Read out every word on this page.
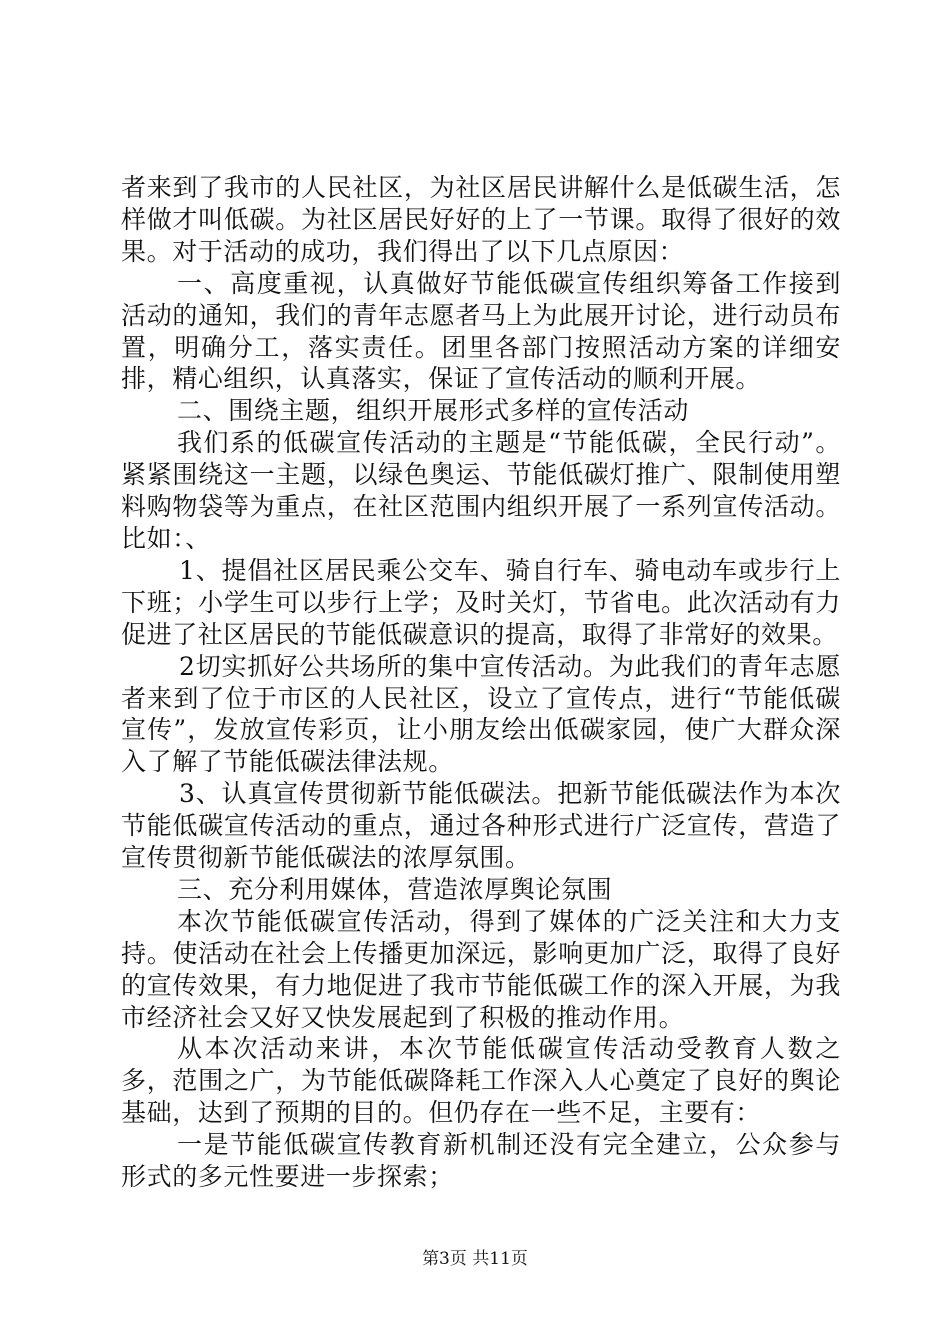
者来到了我市的人民社区，为社区居民讲解什么是低碳生活，怎样做才叫低碳。为社区居民好好的上了一节课。取得了很好的效果。对于活动的成功，我们得出了以下几点原因：

一、高度重视，认真做好节能低碳宣传组织筹备工作接到活动的通知，我们的青年志愿者马上为此展开讨论，进行动员布置，明确分工，落实责任。团里各部门按照活动方案的详细安排，精心组织，认真落实，保证了宣传活动的顺利开展。

二、围绕主题，组织开展形式多样的宣传活动

我们系的低碳宣传活动的主题是“节能低碳，全民行动”。紧紧围绕这一主题，以绿色奥运、节能低碳灯推广、限制使用塑料购物袋等为重点，在社区范围内组织开展了一系列宣传活动。比如：、

1、提倡社区居民乘公交车、骑自行车、骑电动车或步行上下班；小学生可以步行上学；及时关灯，节省电。此次活动有力促进了社区居民的节能低碳意识的提高，取得了非常好的效果。

2切实抓好公共场所的集中宣传活动。为此我们的青年志愿者来到了位于市区的人民社区，设立了宣传点，进行“节能低碳宣传”，发放宣传彩页，让小朋友绘出低碳家园，使广大群众深入了解了节能低碳法律法规。

3、认真宣传贯彻新节能低碳法。把新节能低碳法作为本次节能低碳宣传活动的重点，通过各种形式进行广泛宣传，营造了宣传贯彻新节能低碳法的浓厚氛围。

三、充分利用媒体，营造浓厚舆论氛围

本次节能低碳宣传活动，得到了媒体的广泛关注和大力支持。使活动在社会上传播更加深远，影响更加广泛，取得了良好的宣传效果，有力地促进了我市节能低碳工作的深入开展，为我市经济社会又好又快发展起到了积极的推动作用。

从本次活动来讲，本次节能低碳宣传活动受教育人数之多，范围之广，为节能低碳降耗工作深入人心奠定了良好的舆论基础，达到了预期的目的。但仍存在一些不足，主要有：

一是节能低碳宣传教育新机制还没有完全建立，公众参与形式的多元性要进一步探索；

第3页 共11页
